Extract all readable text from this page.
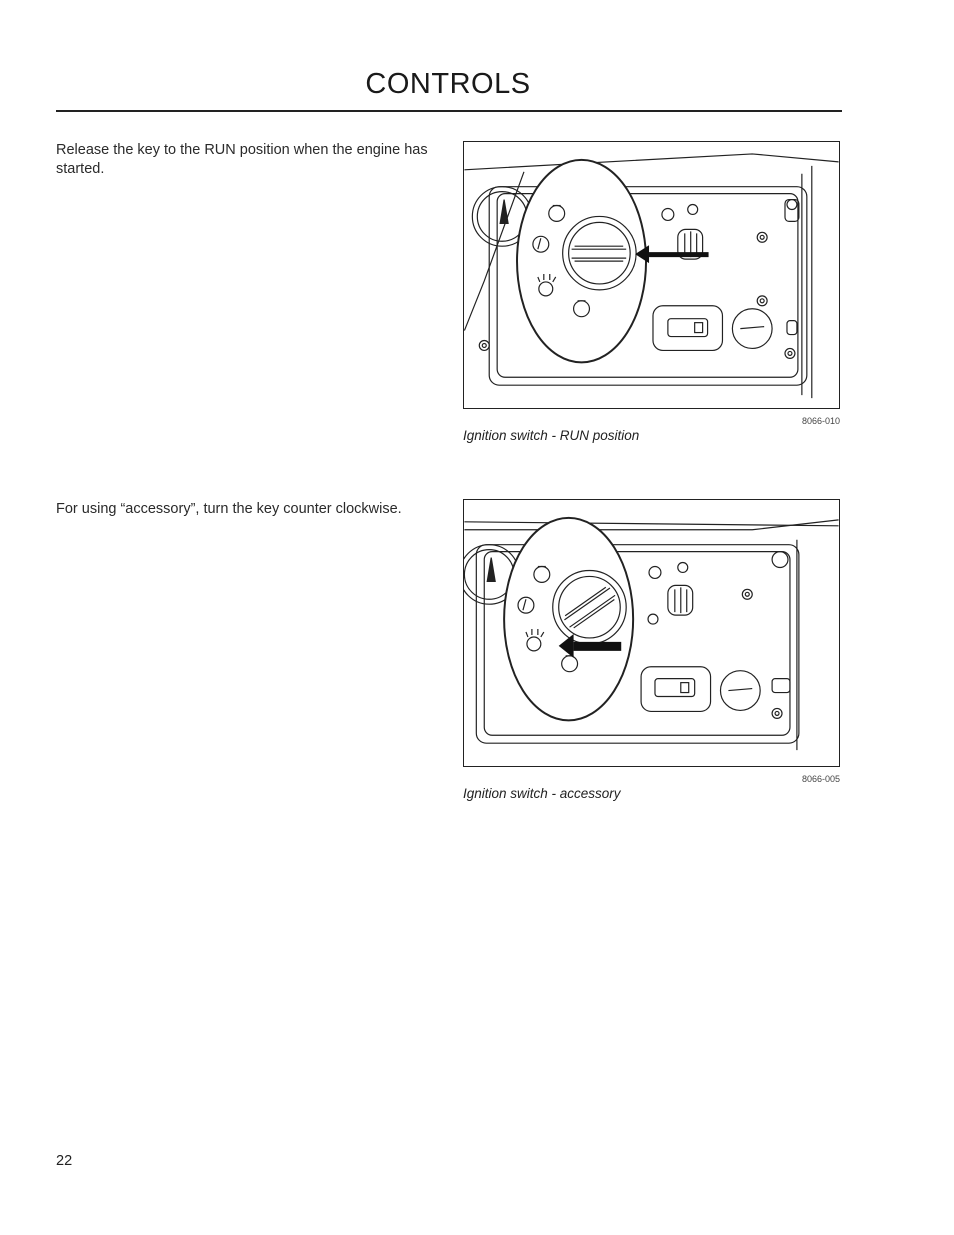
CONTROLS
Release the key to the RUN position when the engine has started.
8066-010
Ignition switch - RUN position
For using “accessory”, turn the key counter clockwise.
8066-005
Ignition switch - accessory
22
